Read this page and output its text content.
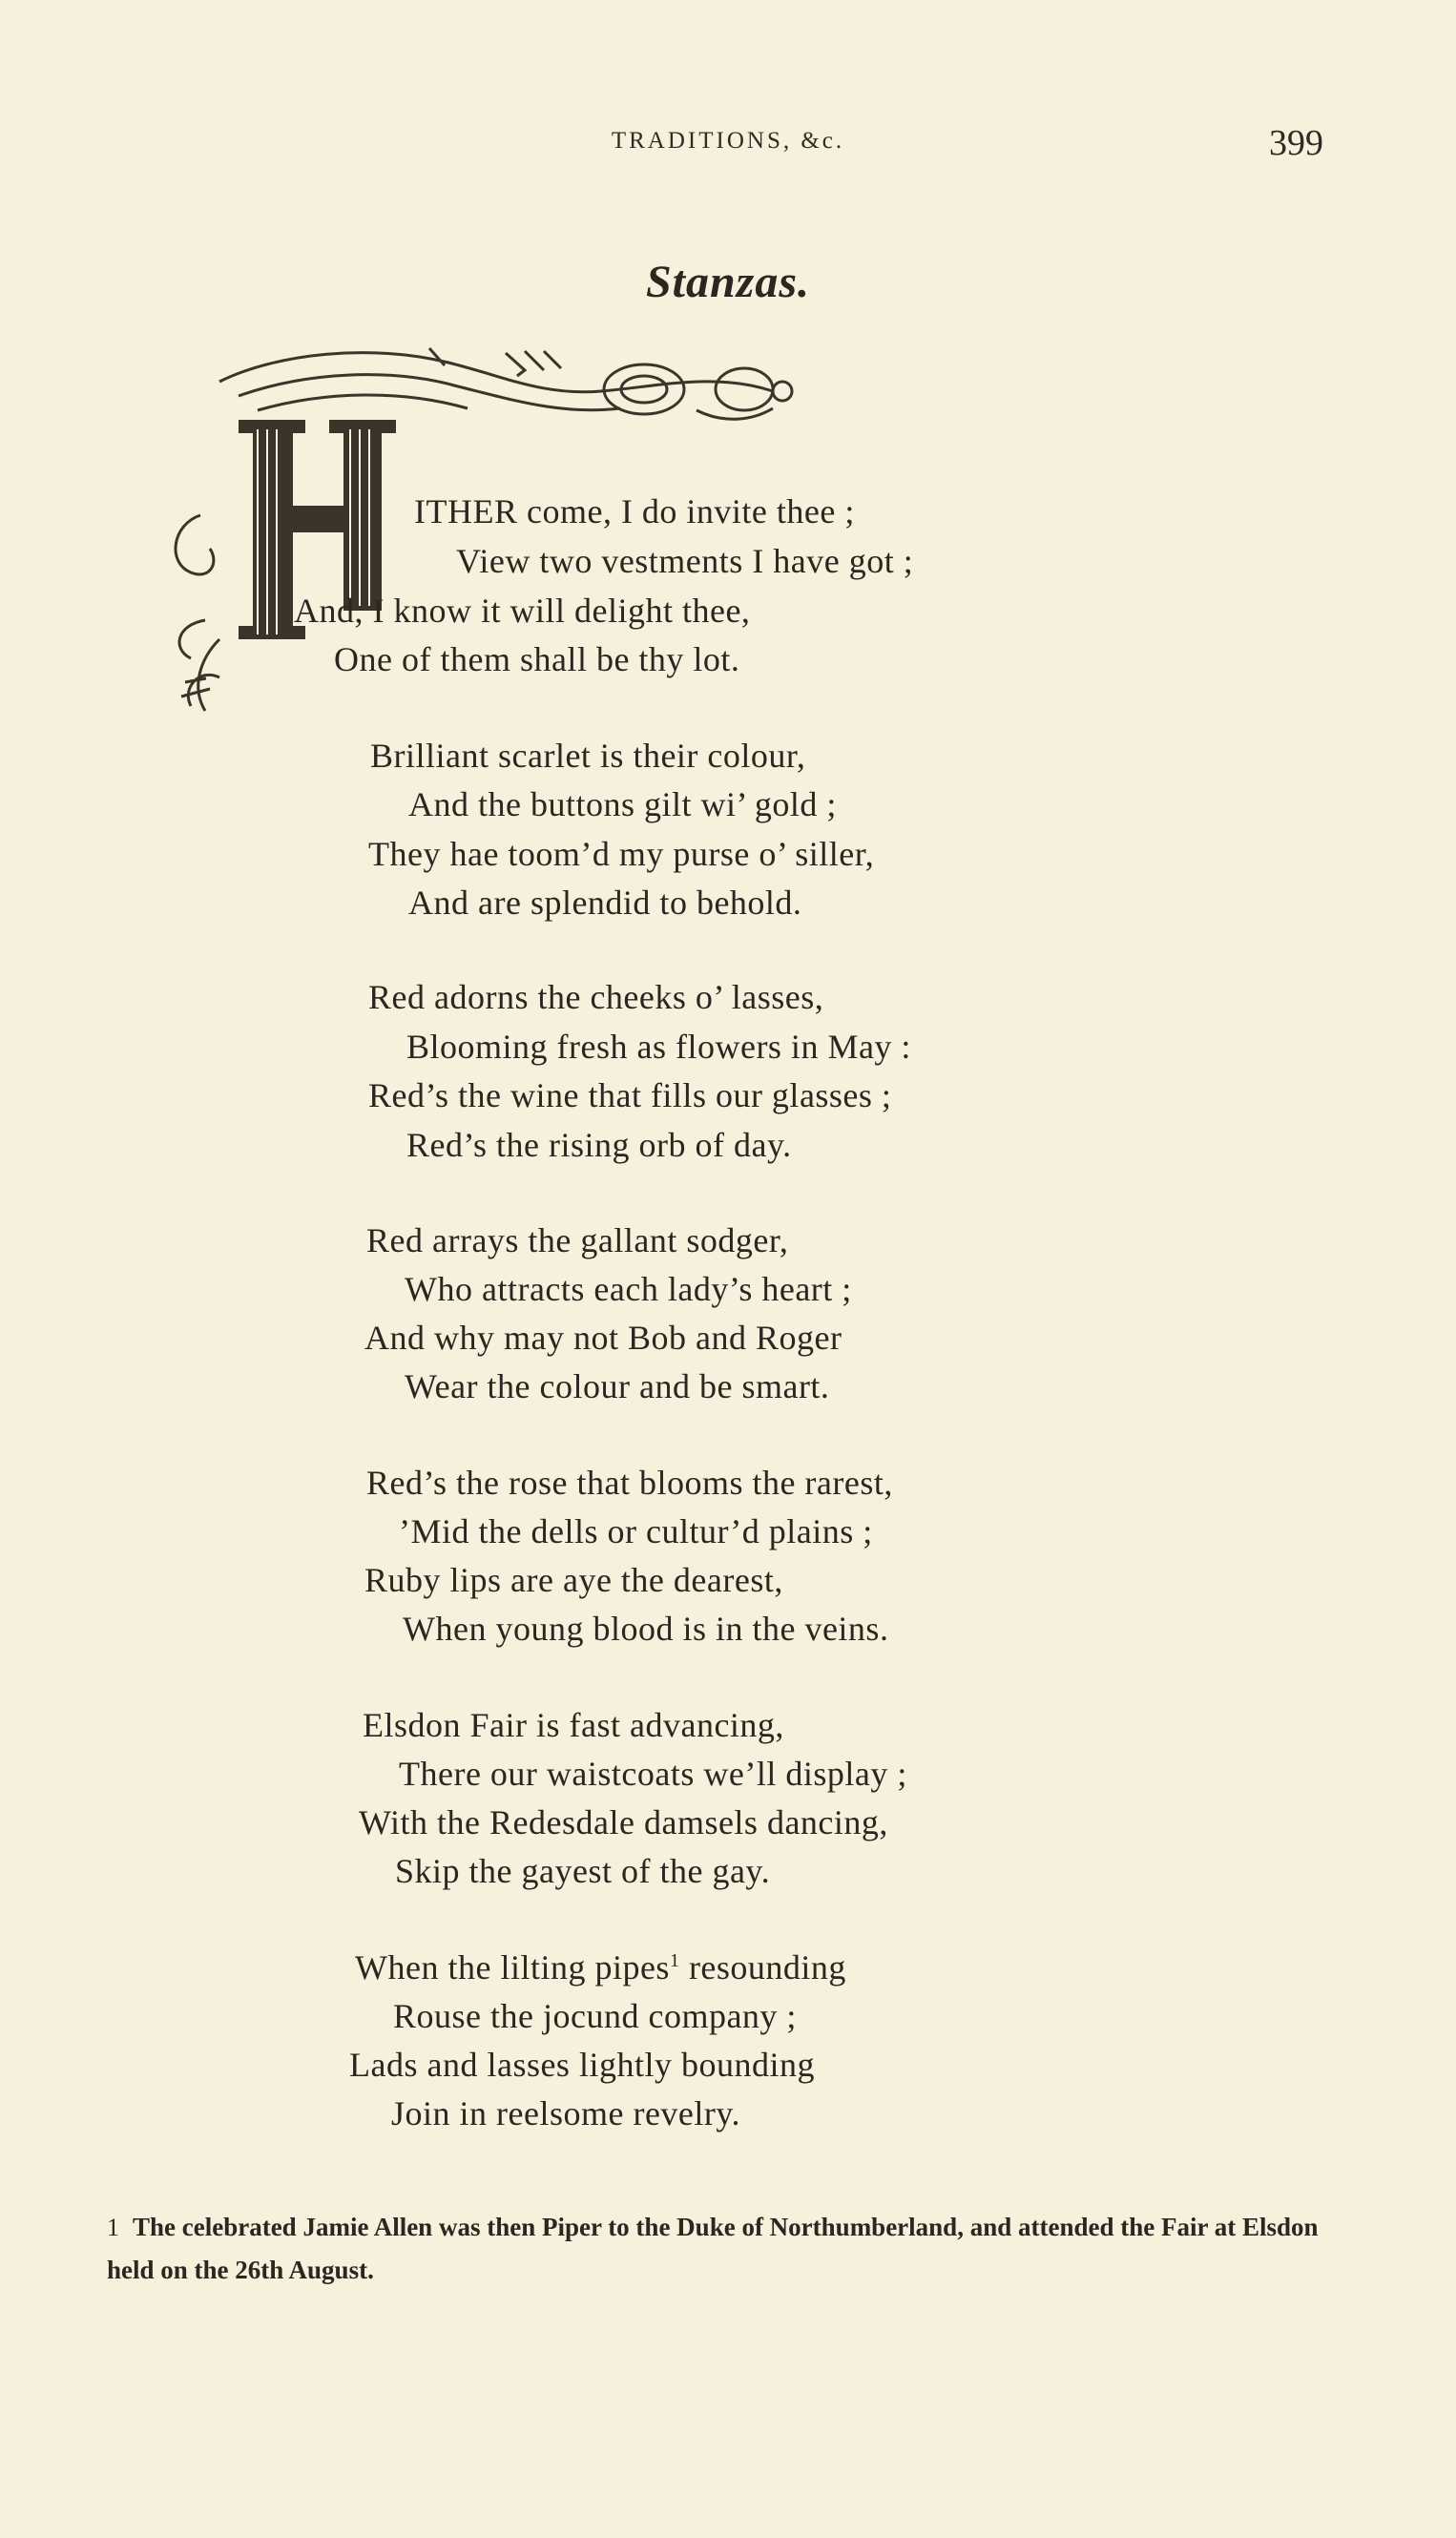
TRADITIONS, &c.	399
Stanzas.
ITHER come, I do invite thee ;
View two vestments I have got ;
And, I know it will delight thee,
One of them shall be thy lot.
Brilliant scarlet is their colour,
And the buttons gilt wi’ gold ;
They hae toom’d my purse o’ siller,
And are splendid to behold.
Red adorns the cheeks o’ lasses,
Blooming fresh as flowers in May :
Red’s the wine that fills our glasses ;
Red’s the rising orb of day.
Red arrays the gallant sodger,
Who attracts each lady’s heart ;
And why may not Bob and Roger
Wear the colour and be smart.
Red’s the rose that blooms the rarest,
’Mid the dells or cultur’d plains ;
Ruby lips are aye the dearest,
When young blood is in the veins.
Elsdon Fair is fast advancing,
There our waistcoats we’ll display ;
With the Redesdale damsels dancing,
Skip the gayest of the gay.
When the lilting pipes$^1$ resounding
Rouse the jocund company ;
Lads and lasses lightly bounding
Join in reelsome revelry.
1 The celebrated Jamie Allen was then Piper to the Duke of Northumberland, and attended the Fair at Elsdon held on the 26th August.
